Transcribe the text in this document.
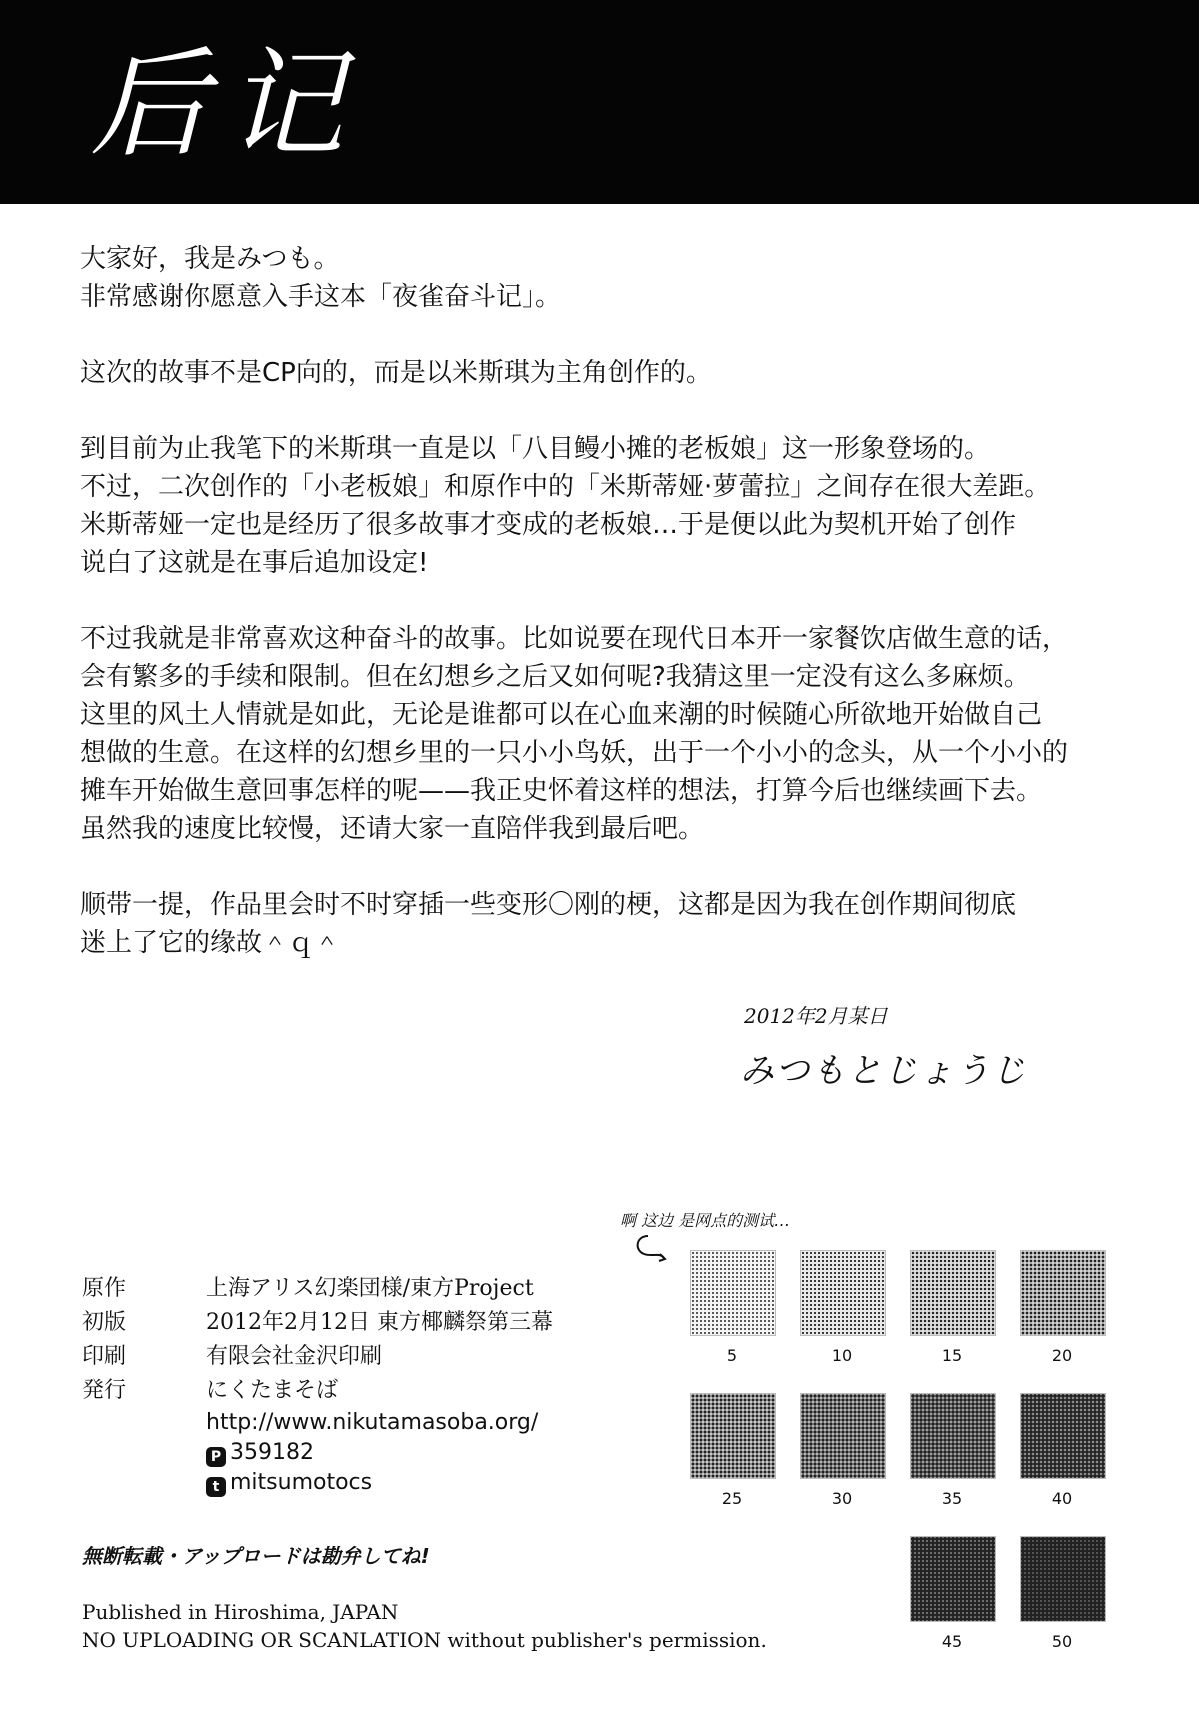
后记
大家好，我是みつも。
非常感谢你愿意入手这本「夜雀奋斗记」。
这次的故事不是CP向的，而是以米斯琪为主角创作的。
到目前为止我笔下的米斯琪一直是以「八目鳗小摊的老板娘」这一形象登场的。
不过，二次创作的「小老板娘」和原作中的「米斯蒂娅·萝蕾拉」之间存在很大差距。
米斯蒂娅一定也是经历了很多故事才变成的老板娘…于是便以此为契机开始了创作
说白了这就是在事后追加设定!
不过我就是非常喜欢这种奋斗的故事。比如说要在现代日本开一家餐饮店做生意的话，
会有繁多的手续和限制。但在幻想乡之后又如何呢?我猜这里一定没有这么多麻烦。
这里的风土人情就是如此，无论是谁都可以在心血来潮的时候随心所欲地开始做自己
想做的生意。在这样的幻想乡里的一只小小鸟妖，出于一个小小的念头，从一个小小的
摊车开始做生意回事怎样的呢——我正史怀着这样的想法，打算今后也继续画下去。
虽然我的速度比较慢，还请大家一直陪伴我到最后吧。
顺带一提，作品里会时不时穿插一些变形〇刚的梗，这都是因为我在创作期间彻底
迷上了它的缘故＾ｑ＾
2012年2月某日
みつもとじょうじ
啊 这边 是网点的测试…
5	10	15	20
25	30	35	40
45	50
原作	上海アリス幻楽団様/東方Project
初版	2012年2月12日 東方椰麟祭第三幕
印刷	有限会社金沢印刷
発行	にくたまそば
http://www.nikutamasoba.org/
P 359182
t mitsumotocs
無断転載・アップロードは勘弁してね!
Published in Hiroshima, JAPAN
NO UPLOADING OR SCANLATION without publisher's permission.
